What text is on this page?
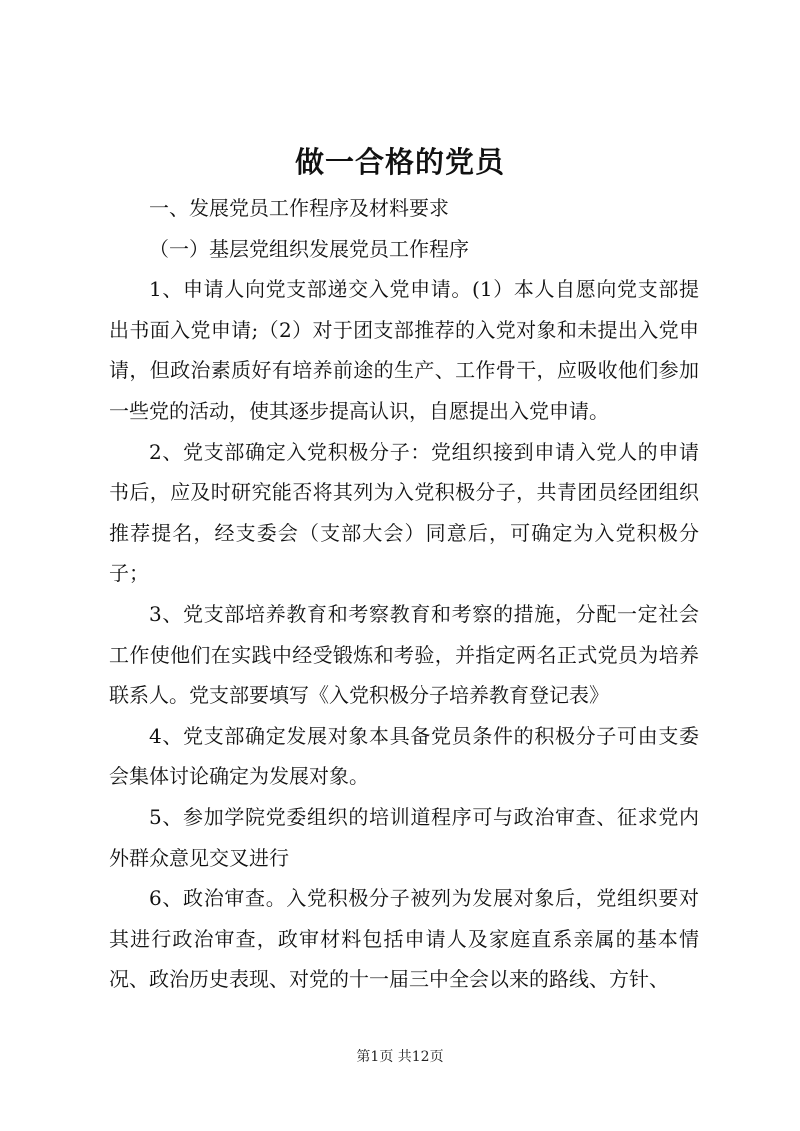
做一合格的党员

一、发展党员工作程序及材料要求

（一）基层党组织发展党员工作程序

1、申请人向党支部递交入党申请。(1）本人自愿向党支部提出书面入党申请;（2）对于团支部推荐的入党对象和未提出入党申请，但政治素质好有培养前途的生产、工作骨干，应吸收他们参加一些党的活动，使其逐步提高认识，自愿提出入党申请。

2、党支部确定入党积极分子：党组织接到申请入党人的申请书后，应及时研究能否将其列为入党积极分子，共青团员经团组织推荐提名，经支委会（支部大会）同意后，可确定为入党积极分子；

3、党支部培养教育和考察教育和考察的措施，分配一定社会工作使他们在实践中经受锻炼和考验，并指定两名正式党员为培养联系人。党支部要填写《入党积极分子培养教育登记表》

4、党支部确定发展对象本具备党员条件的积极分子可由支委会集体讨论确定为发展对象。

5、参加学院党委组织的培训道程序可与政治审查、征求党内外群众意见交叉进行

6、政治审查。入党积极分子被列为发展对象后，党组织要对其进行政治审查，政审材料包括申请人及家庭直系亲属的基本情况、政治历史表现、对党的十一届三中全会以来的路线、方针、

第1页 共12页
